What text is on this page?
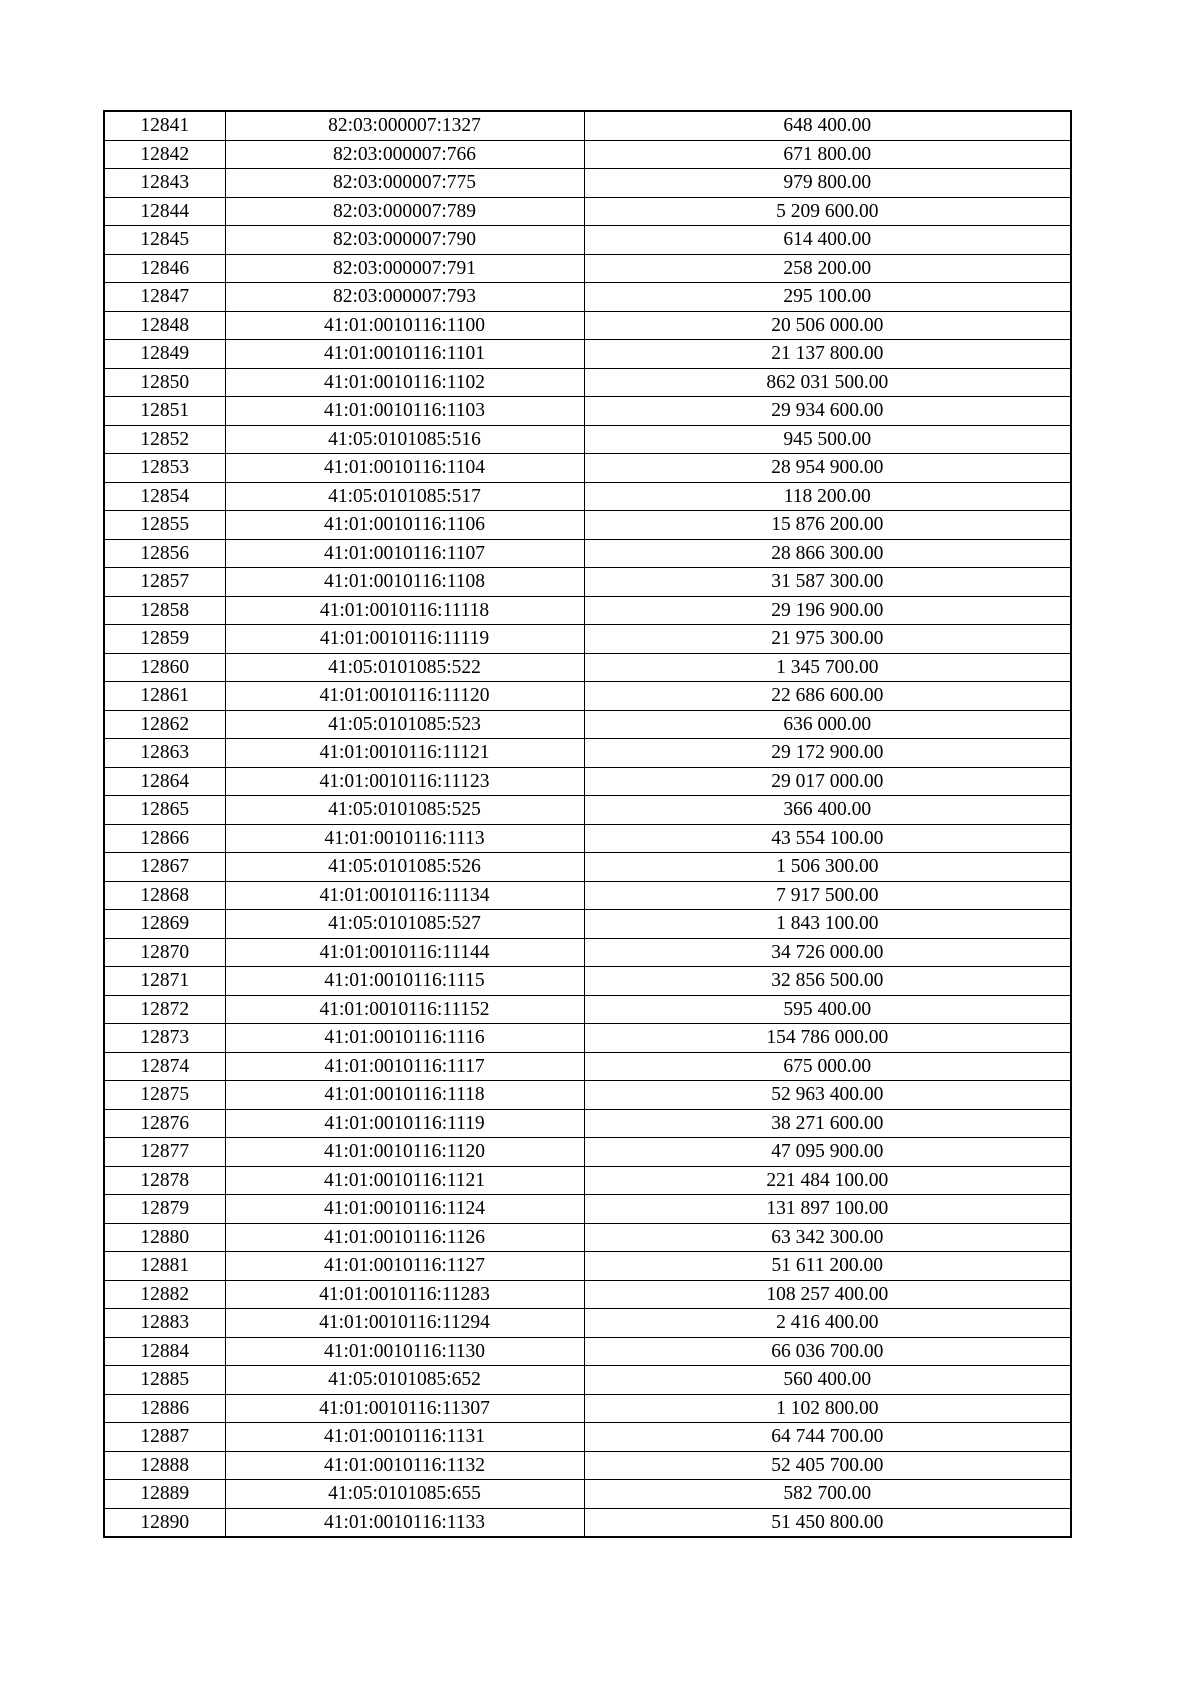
12841	82:03:000007:1327	648 400.00
12842	82:03:000007:766	671 800.00
12843	82:03:000007:775	979 800.00
12844	82:03:000007:789	5 209 600.00
12845	82:03:000007:790	614 400.00
12846	82:03:000007:791	258 200.00
12847	82:03:000007:793	295 100.00
12848	41:01:0010116:1100	20 506 000.00
12849	41:01:0010116:1101	21 137 800.00
12850	41:01:0010116:1102	862 031 500.00
12851	41:01:0010116:1103	29 934 600.00
12852	41:05:0101085:516	945 500.00
12853	41:01:0010116:1104	28 954 900.00
12854	41:05:0101085:517	118 200.00
12855	41:01:0010116:1106	15 876 200.00
12856	41:01:0010116:1107	28 866 300.00
12857	41:01:0010116:1108	31 587 300.00
12858	41:01:0010116:11118	29 196 900.00
12859	41:01:0010116:11119	21 975 300.00
12860	41:05:0101085:522	1 345 700.00
12861	41:01:0010116:11120	22 686 600.00
12862	41:05:0101085:523	636 000.00
12863	41:01:0010116:11121	29 172 900.00
12864	41:01:0010116:11123	29 017 000.00
12865	41:05:0101085:525	366 400.00
12866	41:01:0010116:1113	43 554 100.00
12867	41:05:0101085:526	1 506 300.00
12868	41:01:0010116:11134	7 917 500.00
12869	41:05:0101085:527	1 843 100.00
12870	41:01:0010116:11144	34 726 000.00
12871	41:01:0010116:1115	32 856 500.00
12872	41:01:0010116:11152	595 400.00
12873	41:01:0010116:1116	154 786 000.00
12874	41:01:0010116:1117	675 000.00
12875	41:01:0010116:1118	52 963 400.00
12876	41:01:0010116:1119	38 271 600.00
12877	41:01:0010116:1120	47 095 900.00
12878	41:01:0010116:1121	221 484 100.00
12879	41:01:0010116:1124	131 897 100.00
12880	41:01:0010116:1126	63 342 300.00
12881	41:01:0010116:1127	51 611 200.00
12882	41:01:0010116:11283	108 257 400.00
12883	41:01:0010116:11294	2 416 400.00
12884	41:01:0010116:1130	66 036 700.00
12885	41:05:0101085:652	560 400.00
12886	41:01:0010116:11307	1 102 800.00
12887	41:01:0010116:1131	64 744 700.00
12888	41:01:0010116:1132	52 405 700.00
12889	41:05:0101085:655	582 700.00
12890	41:01:0010116:1133	51 450 800.00
